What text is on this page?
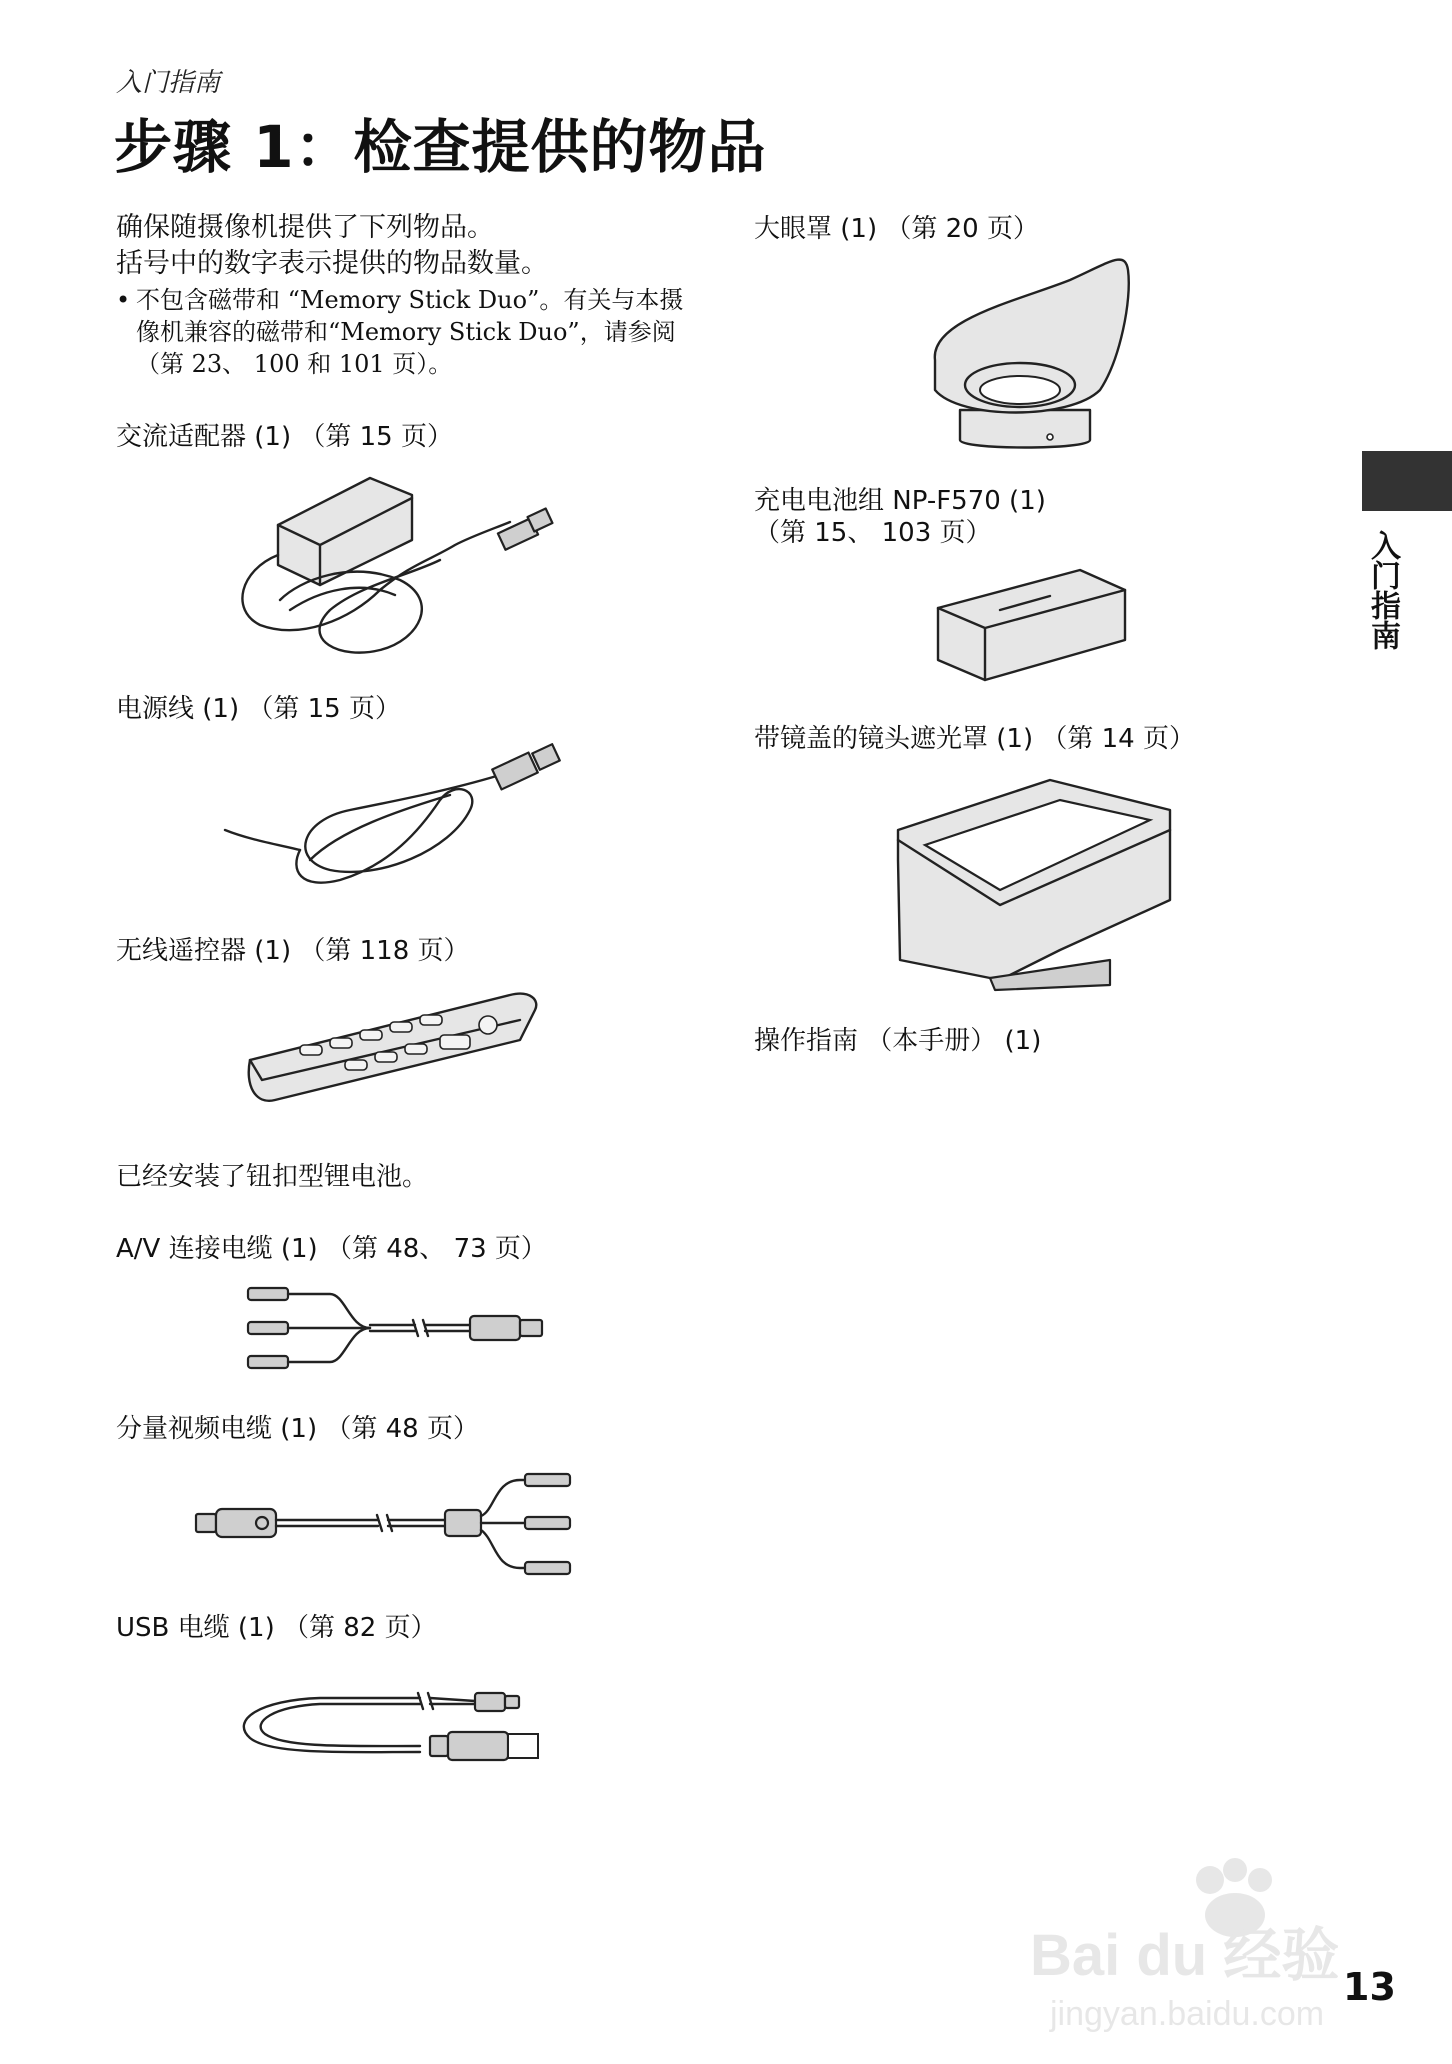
入门指南
步骤 1：检查提供的物品
确保随摄像机提供了下列物品。
括号中的数字表示提供的物品数量。
• 不包含磁带和 “Memory Stick Duo”。有关与本摄像机兼容的磁带和“Memory Stick Duo”，请参阅 （第 23、 100 和 101 页）。
交流适配器 (1) （第 15 页）
电源线 (1) （第 15 页）
无线遥控器 (1) （第 118 页）
已经安装了钮扣型锂电池。
A/V 连接电缆 (1) （第 48、 73 页）
分量视频电缆 (1) （第 48 页）
USB 电缆 (1) （第 82 页）
大眼罩 (1) （第 20 页）
充电电池组 NP-F570 (1)
（第 15、 103 页）
带镜盖的镜头遮光罩 (1) （第 14 页）
操作指南 （本手册） (1)
入门指南
Bai du 经验
jingyan.baidu.com
13
